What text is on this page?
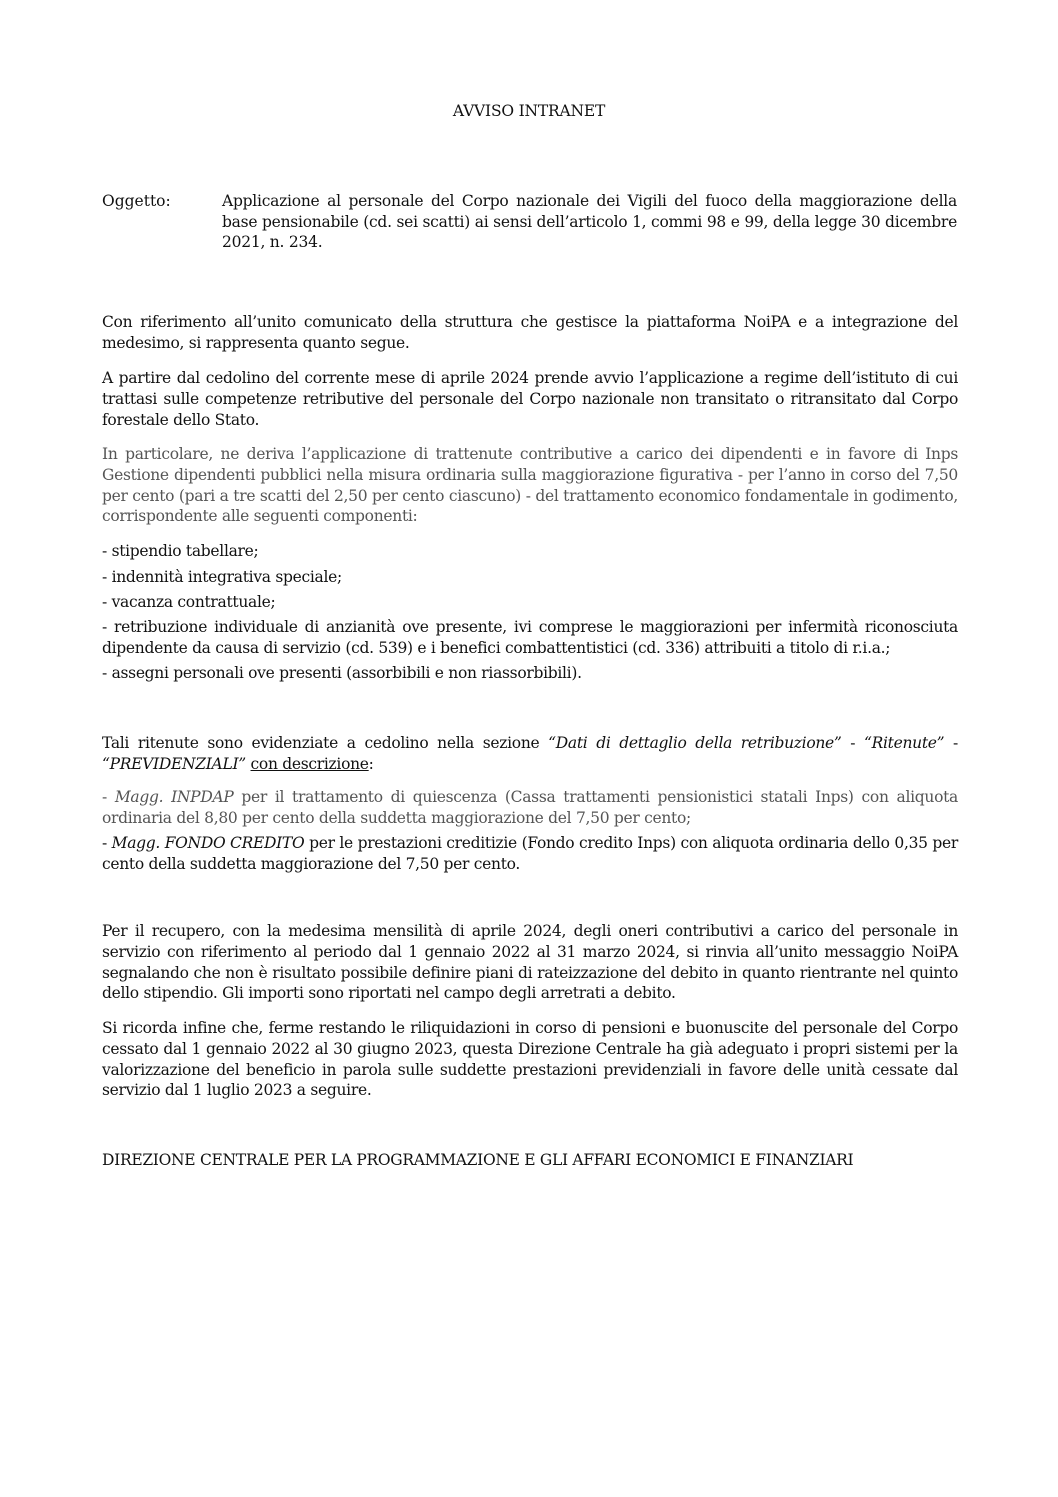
AVVISO INTRANET
Oggetto:	Applicazione al personale del Corpo nazionale dei Vigili del fuoco della maggiorazione della base pensionabile (cd. sei scatti) ai sensi dell’articolo 1, commi 98 e 99, della legge 30 dicembre 2021, n. 234.

Con riferimento all’unito comunicato della struttura che gestisce la piattaforma NoiPA e a integrazione del medesimo, si rappresenta quanto segue.

A partire dal cedolino del corrente mese di aprile 2024 prende avvio l’applicazione a regime dell’istituto di cui trattasi sulle competenze retributive del personale del Corpo nazionale non transitato o ritransitato dal Corpo forestale dello Stato.

In particolare, ne deriva l’applicazione di trattenute contributive a carico dei dipendenti e in favore di Inps Gestione dipendenti pubblici nella misura ordinaria sulla maggiorazione figurativa - per l’anno in corso del 7,50 per cento (pari a tre scatti del 2,50 per cento ciascuno) - del trattamento economico fondamentale in godimento, corrispondente alle seguenti componenti:

- stipendio tabellare;

- indennità integrativa speciale;

- vacanza contrattuale;

- retribuzione individuale di anzianità ove presente, ivi comprese le maggiorazioni per infermità riconosciuta dipendente da causa di servizio (cd. 539) e i benefici combattentistici (cd. 336) attribuiti a titolo di r.i.a.;

- assegni personali ove presenti (assorbibili e non riassorbibili).

Tali ritenute sono evidenziate a cedolino nella sezione “Dati di dettaglio della retribuzione” - “Ritenute” - “PREVIDENZIALI” con descrizione:

- Magg. INPDAP per il trattamento di quiescenza (Cassa trattamenti pensionistici statali Inps) con aliquota ordinaria del 8,80 per cento della suddetta maggiorazione del 7,50 per cento;

- Magg. FONDO CREDITO per le prestazioni creditizie (Fondo credito Inps) con aliquota ordinaria dello 0,35 per cento della suddetta maggiorazione del 7,50 per cento.

Per il recupero, con la medesima mensilità di aprile 2024, degli oneri contributivi a carico del personale in servizio con riferimento al periodo dal 1 gennaio 2022 al 31 marzo 2024, si rinvia all’unito messaggio NoiPA segnalando che non è risultato possibile definire piani di rateizzazione del debito in quanto rientrante nel quinto dello stipendio. Gli importi sono riportati nel campo degli arretrati a debito.

Si ricorda infine che, ferme restando le riliquidazioni in corso di pensioni e buonuscite del personale del Corpo cessato dal 1 gennaio 2022 al 30 giugno 2023, questa Direzione Centrale ha già adeguato i propri sistemi per la valorizzazione del beneficio in parola sulle suddette prestazioni previdenziali in favore delle unità cessate dal servizio dal 1 luglio 2023 a seguire.

DIREZIONE CENTRALE PER LA PROGRAMMAZIONE E GLI AFFARI ECONOMICI E FINANZIARI
